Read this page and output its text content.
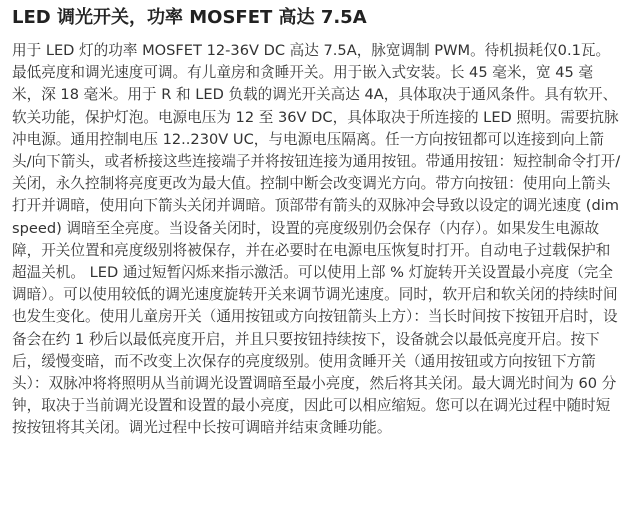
LED 调光开关，功率 MOSFET 高达 7.5A

用于 LED 灯的功率 MOSFET 12-36V DC 高达 7.5A，脉宽调制 PWM。待机损耗仅0.1瓦。最低亮度和调光速度可调。有儿童房和贪睡开关。用于嵌入式安装。长 45 毫米，宽 45 毫米，深 18 毫米。用于 R 和 LED 负载的调光开关高达 4A，具体取决于通风条件。具有软开、软关功能，保护灯泡。电源电压为 12 至 36V DC，具体取决于所连接的 LED 照明。需要抗脉冲电源。通用控制电压 12..230V UC，与电源电压隔离。任一方向按钮都可以连接到向上箭头/向下箭头，或者桥接这些连接端子并将按钮连接为通用按钮。带通用按钮：短控制命令打开/关闭，永久控制将亮度更改为最大值。控制中断会改变调光方向。带方向按钮：使用向上箭头打开并调暗，使用向下箭头关闭并调暗。顶部带有箭头的双脉冲会导致以设定的调光速度 (dimspeed) 调暗至全亮度。当设备关闭时，设置的亮度级别仍会保存（内存）。如果发生电源故障，开关位置和亮度级别将被保存，并在必要时在电源电压恢复时打开。自动电子过载保护和超温关机。 LED 通过短暂闪烁来指示激活。可以使用上部 % 灯旋转开关设置最小亮度（完全调暗）。可以使用较低的调光速度旋转开关来调节调光速度。同时，软开启和软关闭的持续时间也发生变化。使用儿童房开关（通用按钮或方向按钮箭头上方）：当长时间按下按钮开启时，设备会在约 1 秒后以最低亮度开启，并且只要按钮持续按下，设备就会以最低亮度开启。按下后，缓慢变暗，而不改变上次保存的亮度级别。使用贪睡开关（通用按钮或方向按钮下方箭头）：双脉冲将将照明从当前调光设置调暗至最小亮度，然后将其关闭。最大调光时间为 60 分钟，取决于当前调光设置和设置的最小亮度，因此可以相应缩短。您可以在调光过程中随时短按按钮将其关闭。调光过程中长按可调暗并结束贪睡功能。
